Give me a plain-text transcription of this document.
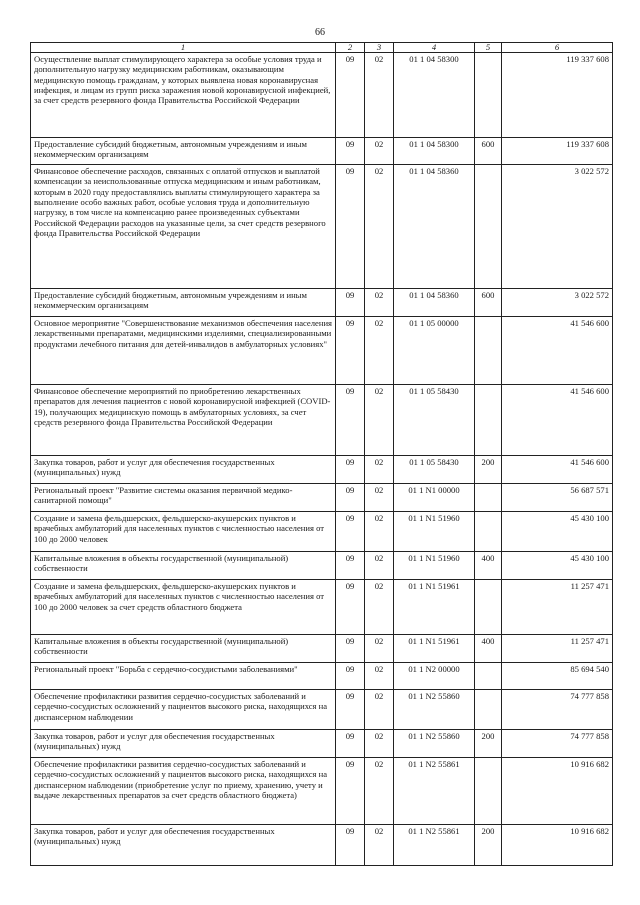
66
1	2	3	4	5	6
Осуществление выплат стимулирующего характера за особые условия труда и дополнительную нагрузку медицинским работникам, оказывающим медицинскую помощь гражданам, у которых выявлена новая коронавирусная инфекция, и лицам из групп риска заражения новой коронавирусной инфекцией, за счет средств резервного фонда Правительства Российской Федерации	09	02	01 1 04 58300		119 337 608
Предоставление субсидий бюджетным, автономным учреждениям и иным некоммерческим организациям	09	02	01 1 04 58300	600	119 337 608
Финансовое обеспечение расходов, связанных с оплатой отпусков и выплатой компенсации за неиспользованные отпуска медицинским и иным работникам, которым в 2020 году предоставлялись выплаты стимулирующего характера за выполнение особо важных работ, особые условия труда и дополнительную нагрузку, в том числе на компенсацию ранее произведенных субъектами Российской Федерации расходов на указанные цели, за счет средств резервного фонда Правительства Российской Федерации	09	02	01 1 04 58360		3 022 572
Предоставление субсидий бюджетным, автономным учреждениям и иным некоммерческим организациям	09	02	01 1 04 58360	600	3 022 572
Основное мероприятие "Совершенствование механизмов обеспечения населения лекарственными препаратами, медицинскими изделиями, специализированными продуктами лечебного питания для детей-инвалидов в амбулаторных условиях"	09	02	01 1 05 00000		41 546 600
Финансовое обеспечение мероприятий по приобретению лекарственных препаратов для лечения пациентов с новой коронавирусной инфекцией (COVID-19), получающих медицинскую помощь в амбулаторных условиях, за счет средств резервного фонда Правительства Российской Федерации	09	02	01 1 05 58430		41 546 600
Закупка товаров, работ и услуг для обеспечения государственных (муниципальных) нужд	09	02	01 1 05 58430	200	41 546 600
Региональный проект "Развитие системы оказания первичной медико-санитарной помощи"	09	02	01 1 N1 00000		56 687 571
Создание и замена фельдшерских, фельдшерско-акушерских пунктов и врачебных амбулаторий для населенных пунктов с численностью населения от 100 до 2000 человек	09	02	01 1 N1 51960		45 430 100
Капитальные вложения в объекты государственной (муниципальной) собственности	09	02	01 1 N1 51960	400	45 430 100
Создание и замена фельдшерских, фельдшерско-акушерских пунктов и врачебных амбулаторий для населенных пунктов с численностью населения от 100 до 2000 человек за счет средств областного бюджета	09	02	01 1 N1 51961		11 257 471
Капитальные вложения в объекты государственной (муниципальной) собственности	09	02	01 1 N1 51961	400	11 257 471
Региональный проект "Борьба с сердечно-сосудистыми заболеваниями"	09	02	01 1 N2 00000		85 694 540
Обеспечение профилактики развития сердечно-сосудистых заболеваний и сердечно-сосудистых осложнений у пациентов высокого риска, находящихся на диспансерном наблюдении	09	02	01 1 N2 55860		74 777 858
Закупка товаров, работ и услуг для обеспечения государственных (муниципальных) нужд	09	02	01 1 N2 55860	200	74 777 858
Обеспечение профилактики развития сердечно-сосудистых заболеваний и сердечно-сосудистых осложнений у пациентов высокого риска, находящихся на диспансерном наблюдении (приобретение услуг по приему, хранению, учету и выдаче лекарственных препаратов за счет средств областного бюджета)	09	02	01 1 N2 55861		10 916 682
Закупка товаров, работ и услуг для обеспечения государственных (муниципальных) нужд	09	02	01 1 N2 55861	200	10 916 682
